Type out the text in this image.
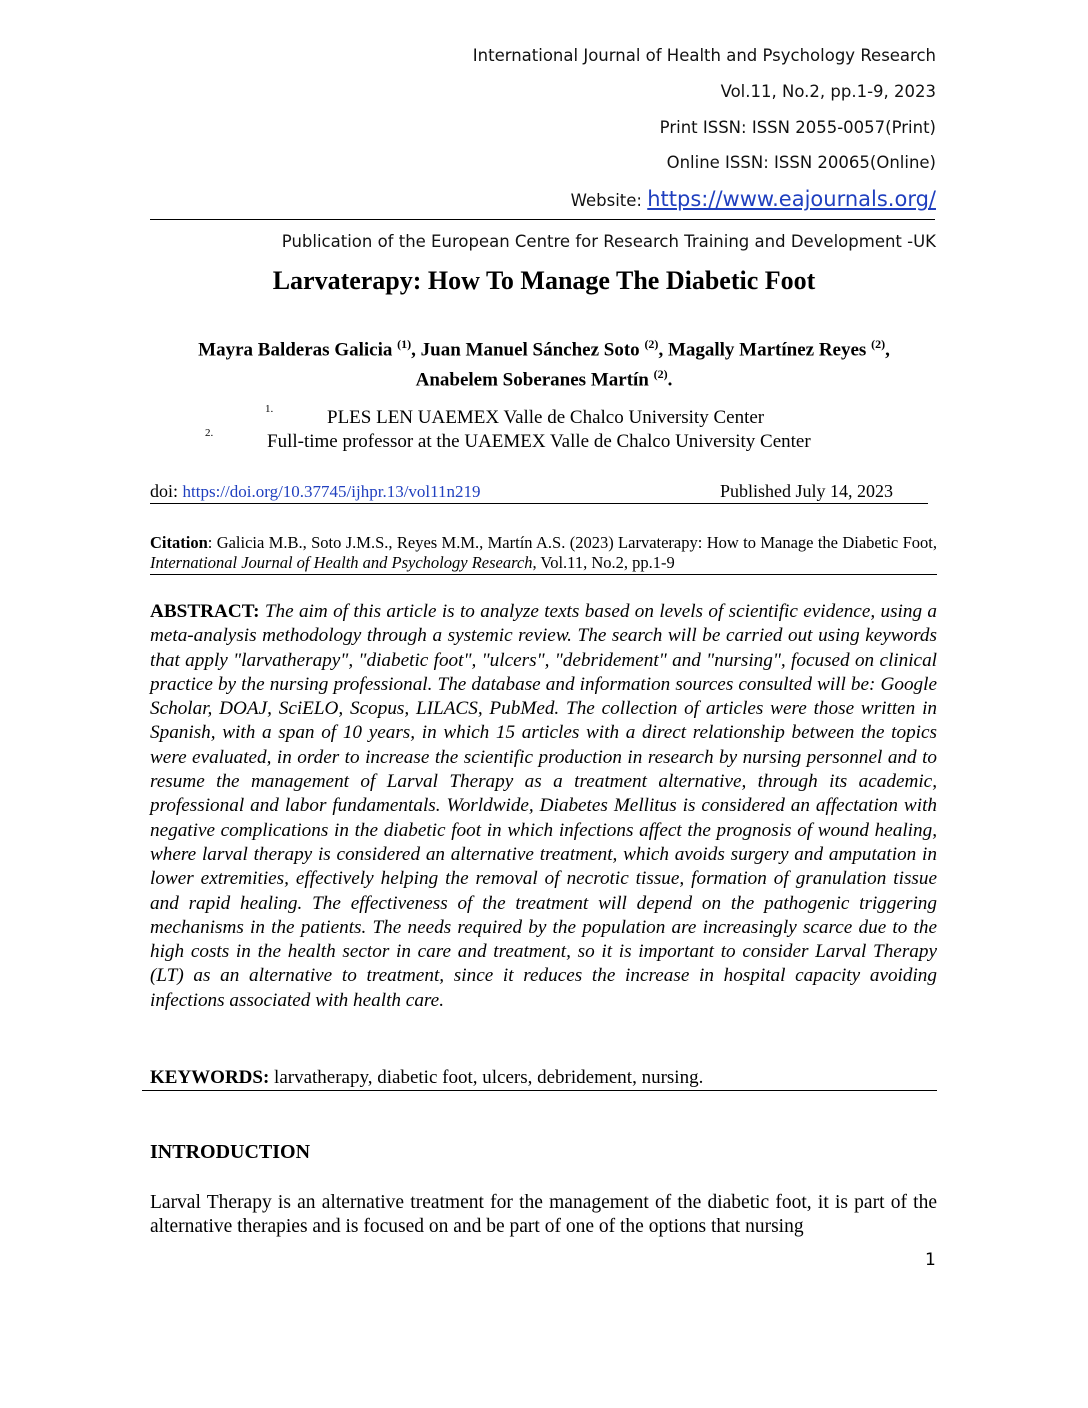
International Journal of Health and Psychology Research
Vol.11, No.2, pp.1-9, 2023
Print ISSN: ISSN 2055-0057(Print)
Online ISSN: ISSN 20065(Online)
Website: https://www.eajournals.org/
Publication of the European Centre for Research Training and Development -UK
Larvaterapy: How To Manage The Diabetic Foot
Mayra Balderas Galicia $^{(1)}$, Juan Manuel Sánchez Soto $^{(2)}$, Magally Martínez Reyes $^{(2)}$,
Anabelem Soberanes Martín $^{(2)}$.
1.	PLES LEN UAEMEX Valle de Chalco University Center
2.	Full-time professor at the UAEMEX Valle de Chalco University Center
doi: https://doi.org/10.37745/ijhpr.13/vol11n219	Published July 14, 2023
Citation: Galicia M.B., Soto J.M.S., Reyes M.M., Martín A.S. (2023) Larvaterapy: How to Manage the Diabetic Foot, International Journal of Health and Psychology Research, Vol.11, No.2, pp.1-9
ABSTRACT: The aim of this article is to analyze texts based on levels of scientific evidence, using a meta-analysis methodology through a systemic review. The search will be carried out using keywords that apply "larvatherapy", "diabetic foot", "ulcers", "debridement" and "nursing", focused on clinical practice by the nursing professional. The database and information sources consulted will be: Google Scholar, DOAJ, SciELO, Scopus, LILACS, PubMed. The collection of articles were those written in Spanish, with a span of 10 years, in which 15 articles with a direct relationship between the topics were evaluated, in order to increase the scientific production in research by nursing personnel and to resume the management of Larval Therapy as a treatment alternative, through its academic, professional and labor fundamentals. Worldwide, Diabetes Mellitus is considered an affectation with negative complications in the diabetic foot in which infections affect the prognosis of wound healing, where larval therapy is considered an alternative treatment, which avoids surgery and amputation in lower extremities, effectively helping the removal of necrotic tissue, formation of granulation tissue and rapid healing. The effectiveness of the treatment will depend on the pathogenic triggering mechanisms in the patients. The needs required by the population are increasingly scarce due to the high costs in the health sector in care and treatment, so it is important to consider Larval Therapy (LT) as an alternative to treatment, since it reduces the increase in hospital capacity avoiding infections associated with health care.
KEYWORDS: larvatherapy, diabetic foot, ulcers, debridement, nursing.
INTRODUCTION
Larval Therapy is an alternative treatment for the management of the diabetic foot, it is part of the alternative therapies and is focused on and be part of one of the options that nursing
1
